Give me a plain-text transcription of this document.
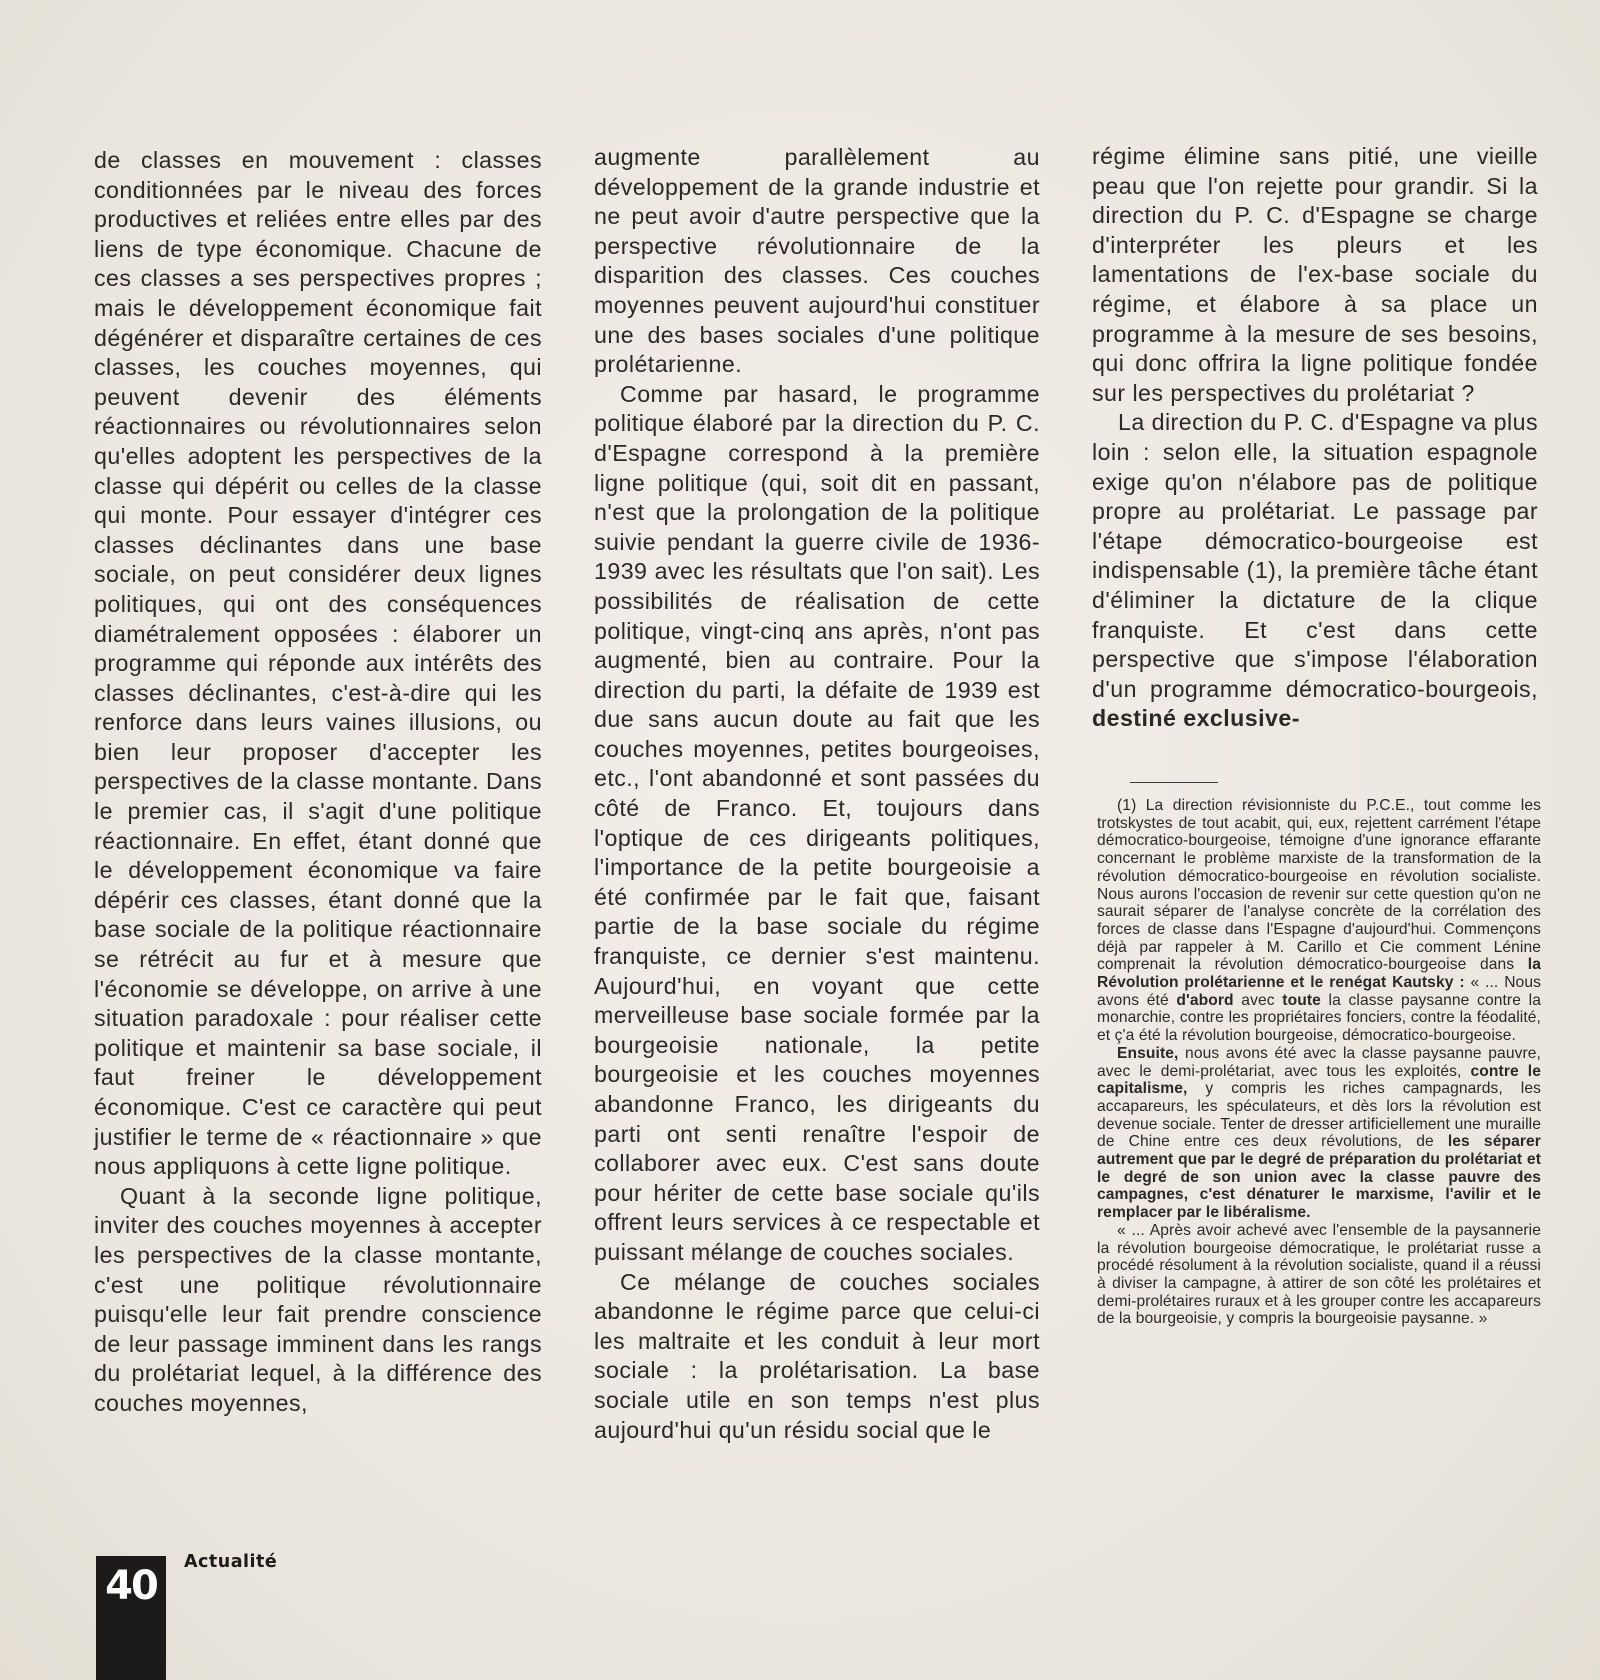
de classes en mouvement : classes conditionnées par le niveau des forces productives et reliées entre elles par des liens de type économique. Chacune de ces classes a ses perspectives propres ; mais le développement économique fait dégénérer et disparaître certaines de ces classes, les couches moyennes, qui peuvent devenir des éléments réactionnaires ou révolutionnaires selon qu'elles adoptent les perspectives de la classe qui dépérit ou celles de la classe qui monte. Pour essayer d'intégrer ces classes déclinantes dans une base sociale, on peut considérer deux lignes politiques, qui ont des conséquences diamétralement opposées : élaborer un programme qui réponde aux intérêts des classes déclinantes, c'est-à-dire qui les renforce dans leurs vaines illusions, ou bien leur proposer d'accepter les perspectives de la classe montante. Dans le premier cas, il s'agit d'une politique réactionnaire. En effet, étant donné que le développement économique va faire dépérir ces classes, étant donné que la base sociale de la politique réactionnaire se rétrécit au fur et à mesure que l'économie se développe, on arrive à une situation paradoxale : pour réaliser cette politique et maintenir sa base sociale, il faut freiner le développement économique. C'est ce caractère qui peut justifier le terme de « réactionnaire » que nous appliquons à cette ligne politique.

Quant à la seconde ligne politique, inviter des couches moyennes à accepter les perspectives de la classe montante, c'est une politique révolutionnaire puisqu'elle leur fait prendre conscience de leur passage imminent dans les rangs du prolétariat lequel, à la différence des couches moyennes,

augmente parallèlement au développement de la grande industrie et ne peut avoir d'autre perspective que la perspective révolutionnaire de la disparition des classes. Ces couches moyennes peuvent aujourd'hui constituer une des bases sociales d'une politique prolétarienne.

Comme par hasard, le programme politique élaboré par la direction du P. C. d'Espagne correspond à la première ligne politique (qui, soit dit en passant, n'est que la prolongation de la politique suivie pendant la guerre civile de 1936-1939 avec les résultats que l'on sait). Les possibilités de réalisation de cette politique, vingt-cinq ans après, n'ont pas augmenté, bien au contraire. Pour la direction du parti, la défaite de 1939 est due sans aucun doute au fait que les couches moyennes, petites bourgeoises, etc., l'ont abandonné et sont passées du côté de Franco. Et, toujours dans l'optique de ces dirigeants politiques, l'importance de la petite bourgeoisie a été confirmée par le fait que, faisant partie de la base sociale du régime franquiste, ce dernier s'est maintenu. Aujourd'hui, en voyant que cette merveilleuse base sociale formée par la bourgeoisie nationale, la petite bourgeoisie et les couches moyennes abandonne Franco, les dirigeants du parti ont senti renaître l'espoir de collaborer avec eux. C'est sans doute pour hériter de cette base sociale qu'ils offrent leurs services à ce respectable et puissant mélange de couches sociales.

Ce mélange de couches sociales abandonne le régime parce que celui-ci les maltraite et les conduit à leur mort sociale : la prolétarisation. La base sociale utile en son temps n'est plus aujourd'hui qu'un résidu social que le

régime élimine sans pitié, une vieille peau que l'on rejette pour grandir. Si la direction du P. C. d'Espagne se charge d'interpréter les pleurs et les lamentations de l'ex-base sociale du régime, et élabore à sa place un programme à la mesure de ses besoins, qui donc offrira la ligne politique fondée sur les perspectives du prolétariat ?

La direction du P. C. d'Espagne va plus loin : selon elle, la situation espagnole exige qu'on n'élabore pas de politique propre au prolétariat. Le passage par l'étape démocratico-bourgeoise est indispensable (1), la première tâche étant d'éliminer la dictature de la clique franquiste. Et c'est dans cette perspective que s'impose l'élaboration d'un programme démocratico-bourgeois, destiné exclusive-

(1) La direction révisionniste du P.C.E., tout comme les trotskystes de tout acabit, qui, eux, rejettent carrément l'étape démocratico-bourgeoise, témoigne d'une ignorance effarante concernant le problème marxiste de la transformation de la révolution démocratico-bourgeoise en révolution socialiste. Nous aurons l'occasion de revenir sur cette question qu'on ne saurait séparer de l'analyse concrète de la corrélation des forces de classe dans l'Espagne d'aujourd'hui. Commençons déjà par rappeler à M. Carillo et Cie comment Lénine comprenait la révolution démocratico-bourgeoise dans la Révolution prolétarienne et le renégat Kautsky : « ... Nous avons été d'abord avec toute la classe paysanne contre la monarchie, contre les propriétaires fonciers, contre la féodalité, et ç'a été la révolution bourgeoise, démocratico-bourgeoise.

Ensuite, nous avons été avec la classe paysanne pauvre, avec le demi-prolétariat, avec tous les exploités, contre le capitalisme, y compris les riches campagnards, les accapareurs, les spéculateurs, et dès lors la révolution est devenue sociale. Tenter de dresser artificiellement une muraille de Chine entre ces deux révolutions, de les séparer autrement que par le degré de préparation du prolétariat et le degré de son union avec la classe pauvre des campagnes, c'est dénaturer le marxisme, l'avilir et le remplacer par le libéralisme.

« ... Après avoir achevé avec l'ensemble de la paysannerie la révolution bourgeoise démocratique, le prolétariat russe a procédé résolument à la révolution socialiste, quand il a réussi à diviser la campagne, à attirer de son côté les prolétaires et demi-prolétaires ruraux et à les grouper contre les accapareurs de la bourgeoisie, y compris la bourgeoisie paysanne. »

40
Actualité
